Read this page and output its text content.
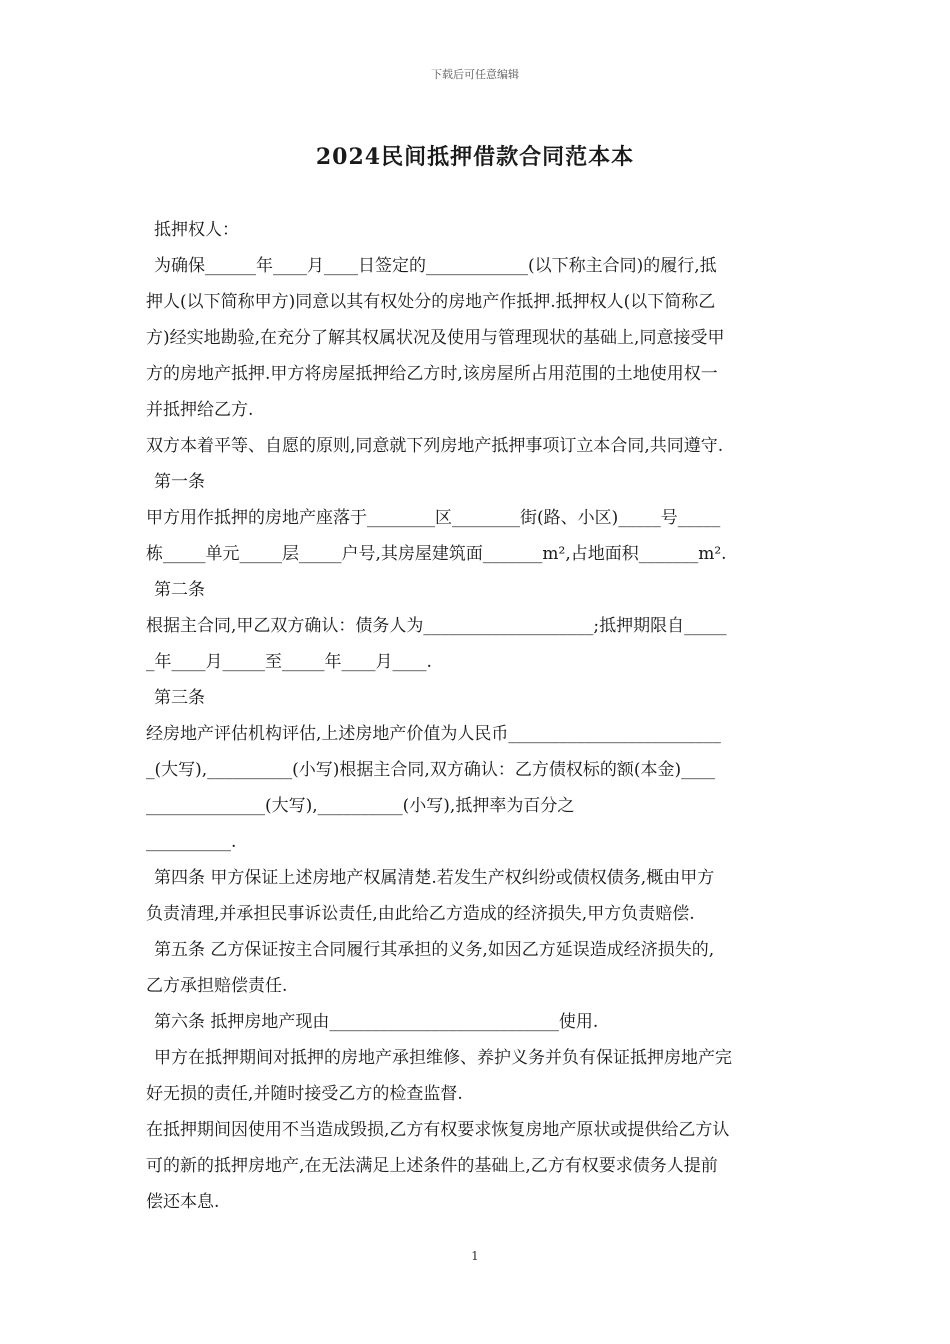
下载后可任意编辑
2024民间抵押借款合同范本本
抵押权人：
为确保______年____月____日签定的____________(以下称主合同)的履行,抵
押人(以下简称甲方)同意以其有权处分的房地产作抵押.抵押权人(以下简称乙
方)经实地勘验,在充分了解其权属状况及使用与管理现状的基础上,同意接受甲
方的房地产抵押.甲方将房屋抵押给乙方时,该房屋所占用范围的土地使用权一
并抵押给乙方.
双方本着平等、自愿的原则,同意就下列房地产抵押事项订立本合同,共同遵守.
第一条
甲方用作抵押的房地产座落于________区________街(路、小区)_____号_____
栋_____单元_____层_____户号,其房屋建筑面_______m²,占地面积_______m².
第二条
根据主合同,甲乙双方确认：债务人为____________________;抵押期限自_____
_年____月_____至_____年____月____.
第三条
经房地产评估机构评估,上述房地产价值为人民币_________________________
_(大写),__________(小写)根据主合同,双方确认：乙方债权标的额(本金)____
______________(大写),__________(小写),抵押率为百分之
__________.
第四条 甲方保证上述房地产权属清楚.若发生产权纠纷或债权债务,概由甲方
负责清理,并承担民事诉讼责任,由此给乙方造成的经济损失,甲方负责赔偿.
第五条 乙方保证按主合同履行其承担的义务,如因乙方延误造成经济损失的,
乙方承担赔偿责任.
第六条 抵押房地产现由___________________________使用.
甲方在抵押期间对抵押的房地产承担维修、养护义务并负有保证抵押房地产完
好无损的责任,并随时接受乙方的检查监督.
在抵押期间因使用不当造成毁损,乙方有权要求恢复房地产原状或提供给乙方认
可的新的抵押房地产,在无法满足上述条件的基础上,乙方有权要求债务人提前
偿还本息.
1
